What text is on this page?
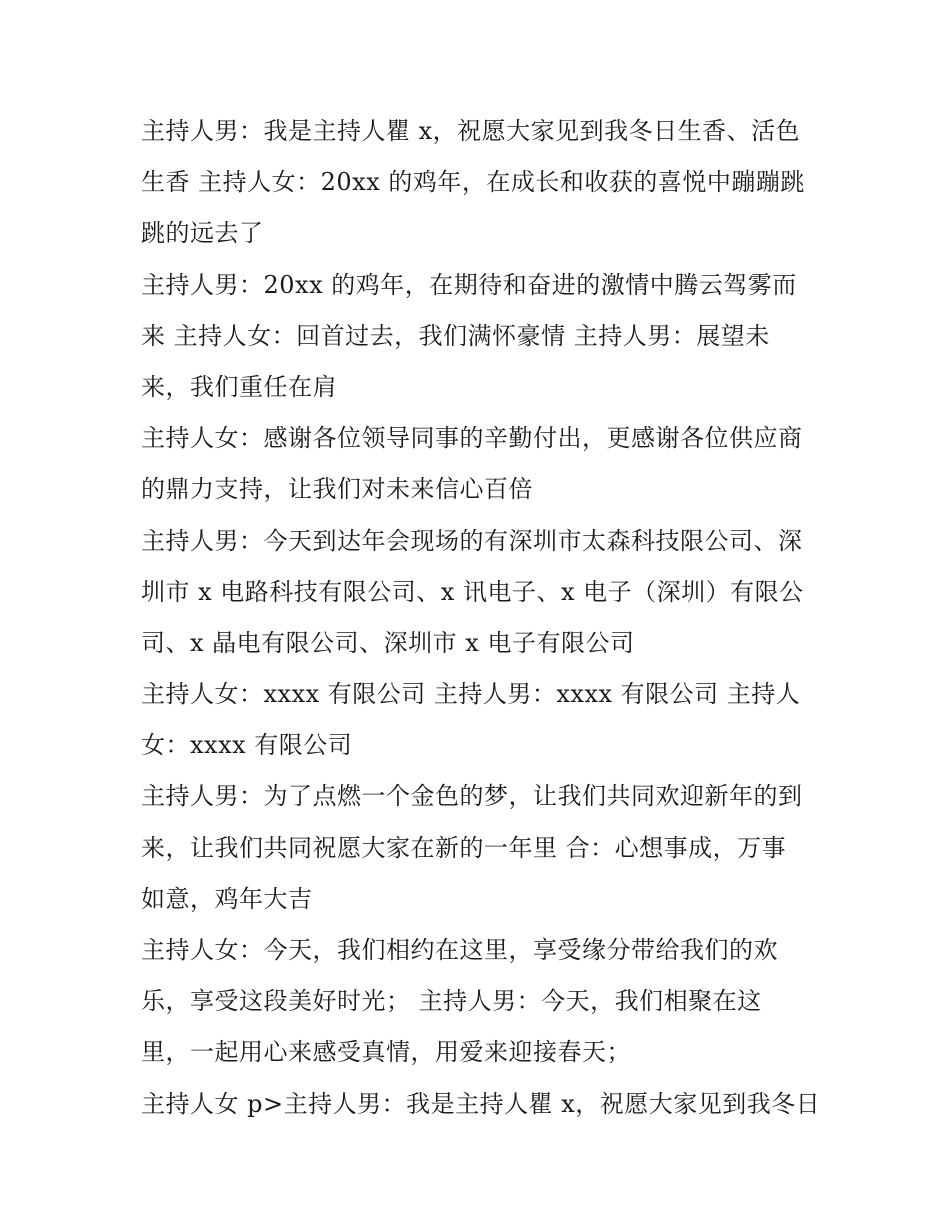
主持人男：我是主持人瞿 x，祝愿大家见到我冬日生香、活色
生香 主持人女：20xx 的鸡年，在成长和收获的喜悦中蹦蹦跳
跳的远去了
主持人男：20xx 的鸡年，在期待和奋进的激情中腾云驾雾而
来 主持人女：回首过去，我们满怀豪情 主持人男：展望未
来，我们重任在肩
主持人女：感谢各位领导同事的辛勤付出，更感谢各位供应商
的鼎力支持，让我们对未来信心百倍
主持人男：今天到达年会现场的有深圳市太森科技限公司、深
圳市 x 电路科技有限公司、x 讯电子、x 电子（深圳）有限公
司、x 晶电有限公司、深圳市 x 电子有限公司
主持人女：xxxx 有限公司 主持人男：xxxx 有限公司 主持人
女：xxxx 有限公司
主持人男：为了点燃一个金色的梦，让我们共同欢迎新年的到
来，让我们共同祝愿大家在新的一年里 合：心想事成，万事
如意，鸡年大吉
主持人女：今天，我们相约在这里，享受缘分带给我们的欢
乐，享受这段美好时光； 主持人男：今天，我们相聚在这
里，一起用心来感受真情，用爱来迎接春天；
主持人女 p>主持人男：我是主持人瞿 x，祝愿大家见到我冬日
